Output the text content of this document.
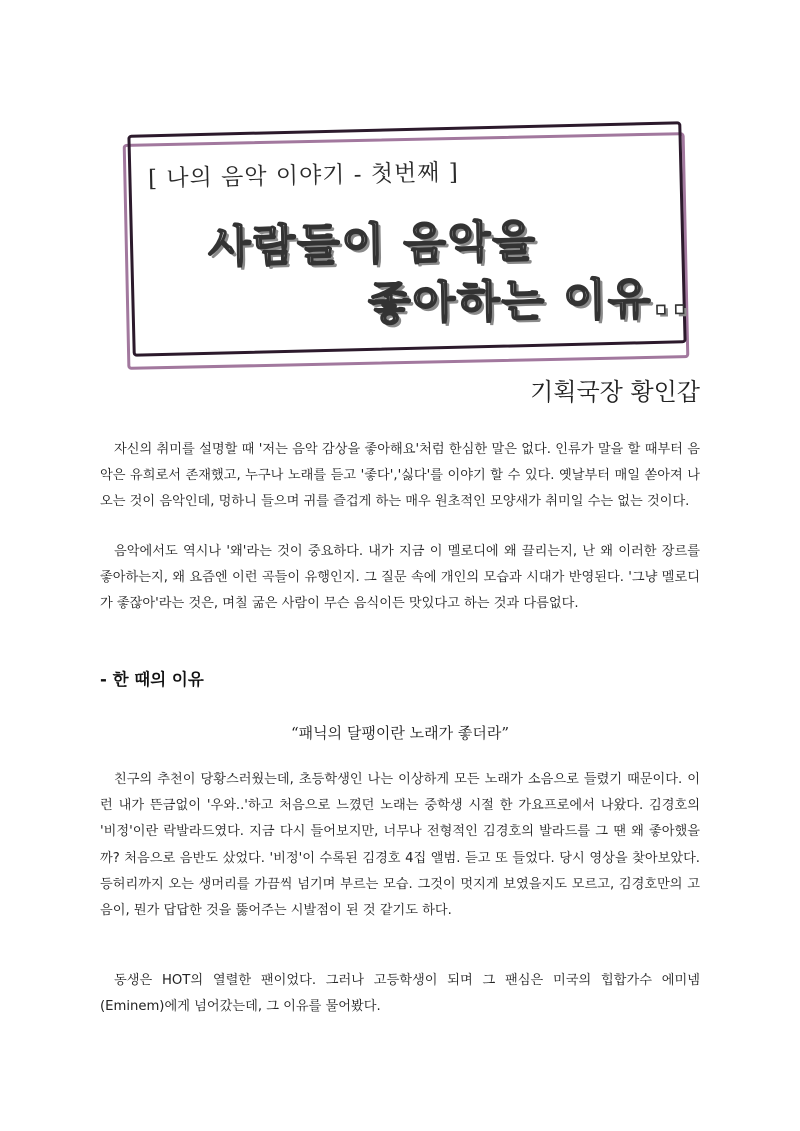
[ 나의 음악 이야기 - 첫번째 ]
사람들이 음악을
좋아하는 이유..
기획국장 황인갑

자신의 취미를 설명할 때 '저는 음악 감상을 좋아해요'처럼 한심한 말은 없다. 인류가 말을 할 때부터 음악은 유희로서 존재했고, 누구나 노래를 듣고 '좋다','싫다'를 이야기 할 수 있다. 옛날부터 매일 쏟아져 나오는 것이 음악인데, 멍하니 들으며 귀를 즐겁게 하는 매우 원초적인 모양새가 취미일 수는 없는 것이다.

음악에서도 역시나 '왜'라는 것이 중요하다. 내가 지금 이 멜로디에 왜 끌리는지, 난 왜 이러한 장르를 좋아하는지, 왜 요즘엔 이런 곡들이 유행인지. 그 질문 속에 개인의 모습과 시대가 반영된다. '그냥 멜로디가 좋잖아'라는 것은, 며칠 굶은 사람이 무슨 음식이든 맛있다고 하는 것과 다름없다.

- 한 때의 이유
“패닉의 달팽이란 노래가 좋더라”

친구의 추천이 당황스러웠는데, 초등학생인 나는 이상하게 모든 노래가 소음으로 들렸기 때문이다. 이런 내가 뜬금없이 '우와..'하고 처음으로 느꼈던 노래는 중학생 시절 한 가요프로에서 나왔다. 김경호의 '비정'이란 락발라드였다. 지금 다시 들어보지만, 너무나 전형적인 김경호의 발라드를 그 땐 왜 좋아했을까? 처음으로 음반도 샀었다. '비정'이 수록된 김경호 4집 앨범. 듣고 또 들었다. 당시 영상을 찾아보았다. 등허리까지 오는 생머리를 가끔씩 넘기며 부르는 모습. 그것이 멋지게 보였을지도 모르고, 김경호만의 고음이, 뭔가 답답한 것을 뚫어주는 시발점이 된 것 같기도 하다.

동생은 HOT의 열렬한 팬이었다. 그러나 고등학생이 되며 그 팬심은 미국의 힙합가수 에미넴(Eminem)에게 넘어갔는데, 그 이유를 물어봤다.
